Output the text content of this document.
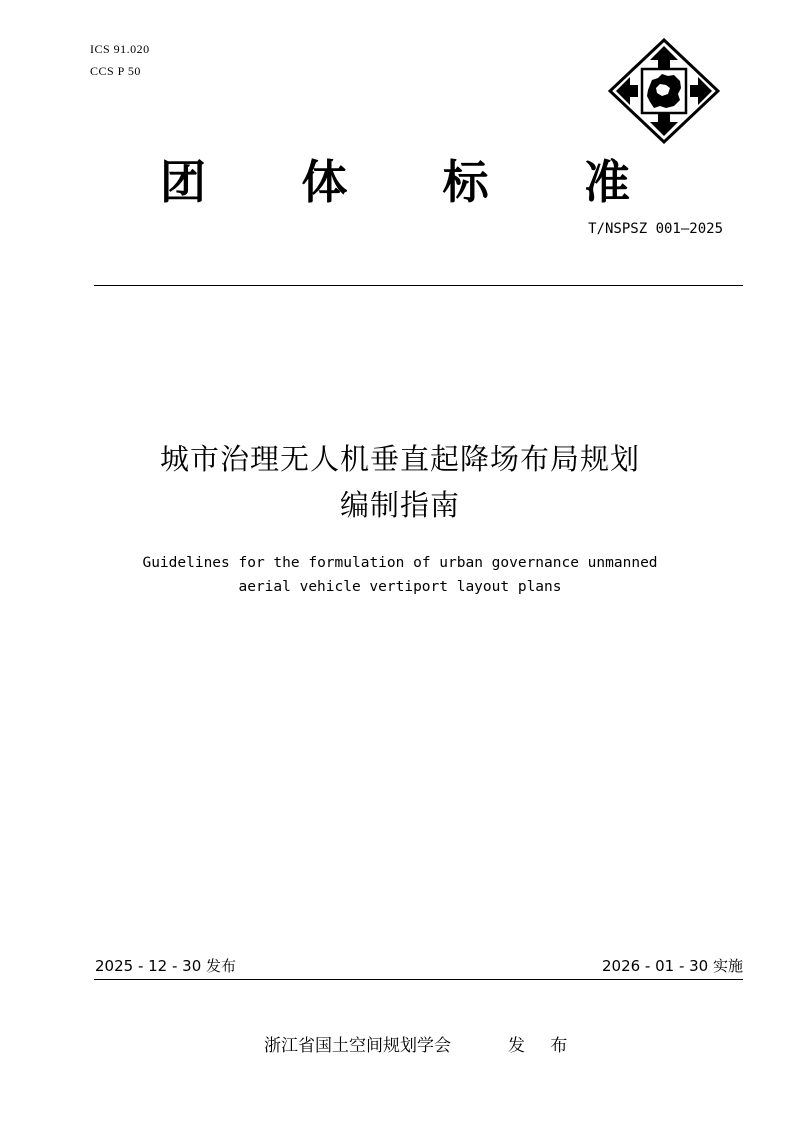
ICS 91.020
CCS P 50
团 体 标 准
T/NSPSZ 001—2025
城市治理无人机垂直起降场布局规划
编制指南
Guidelines for the formulation of urban governance unmanned
aerial vehicle vertiport layout plans
2025 - 12 - 30 发布	2026 - 01 - 30 实施
浙江省国土空间规划学会	发 布
